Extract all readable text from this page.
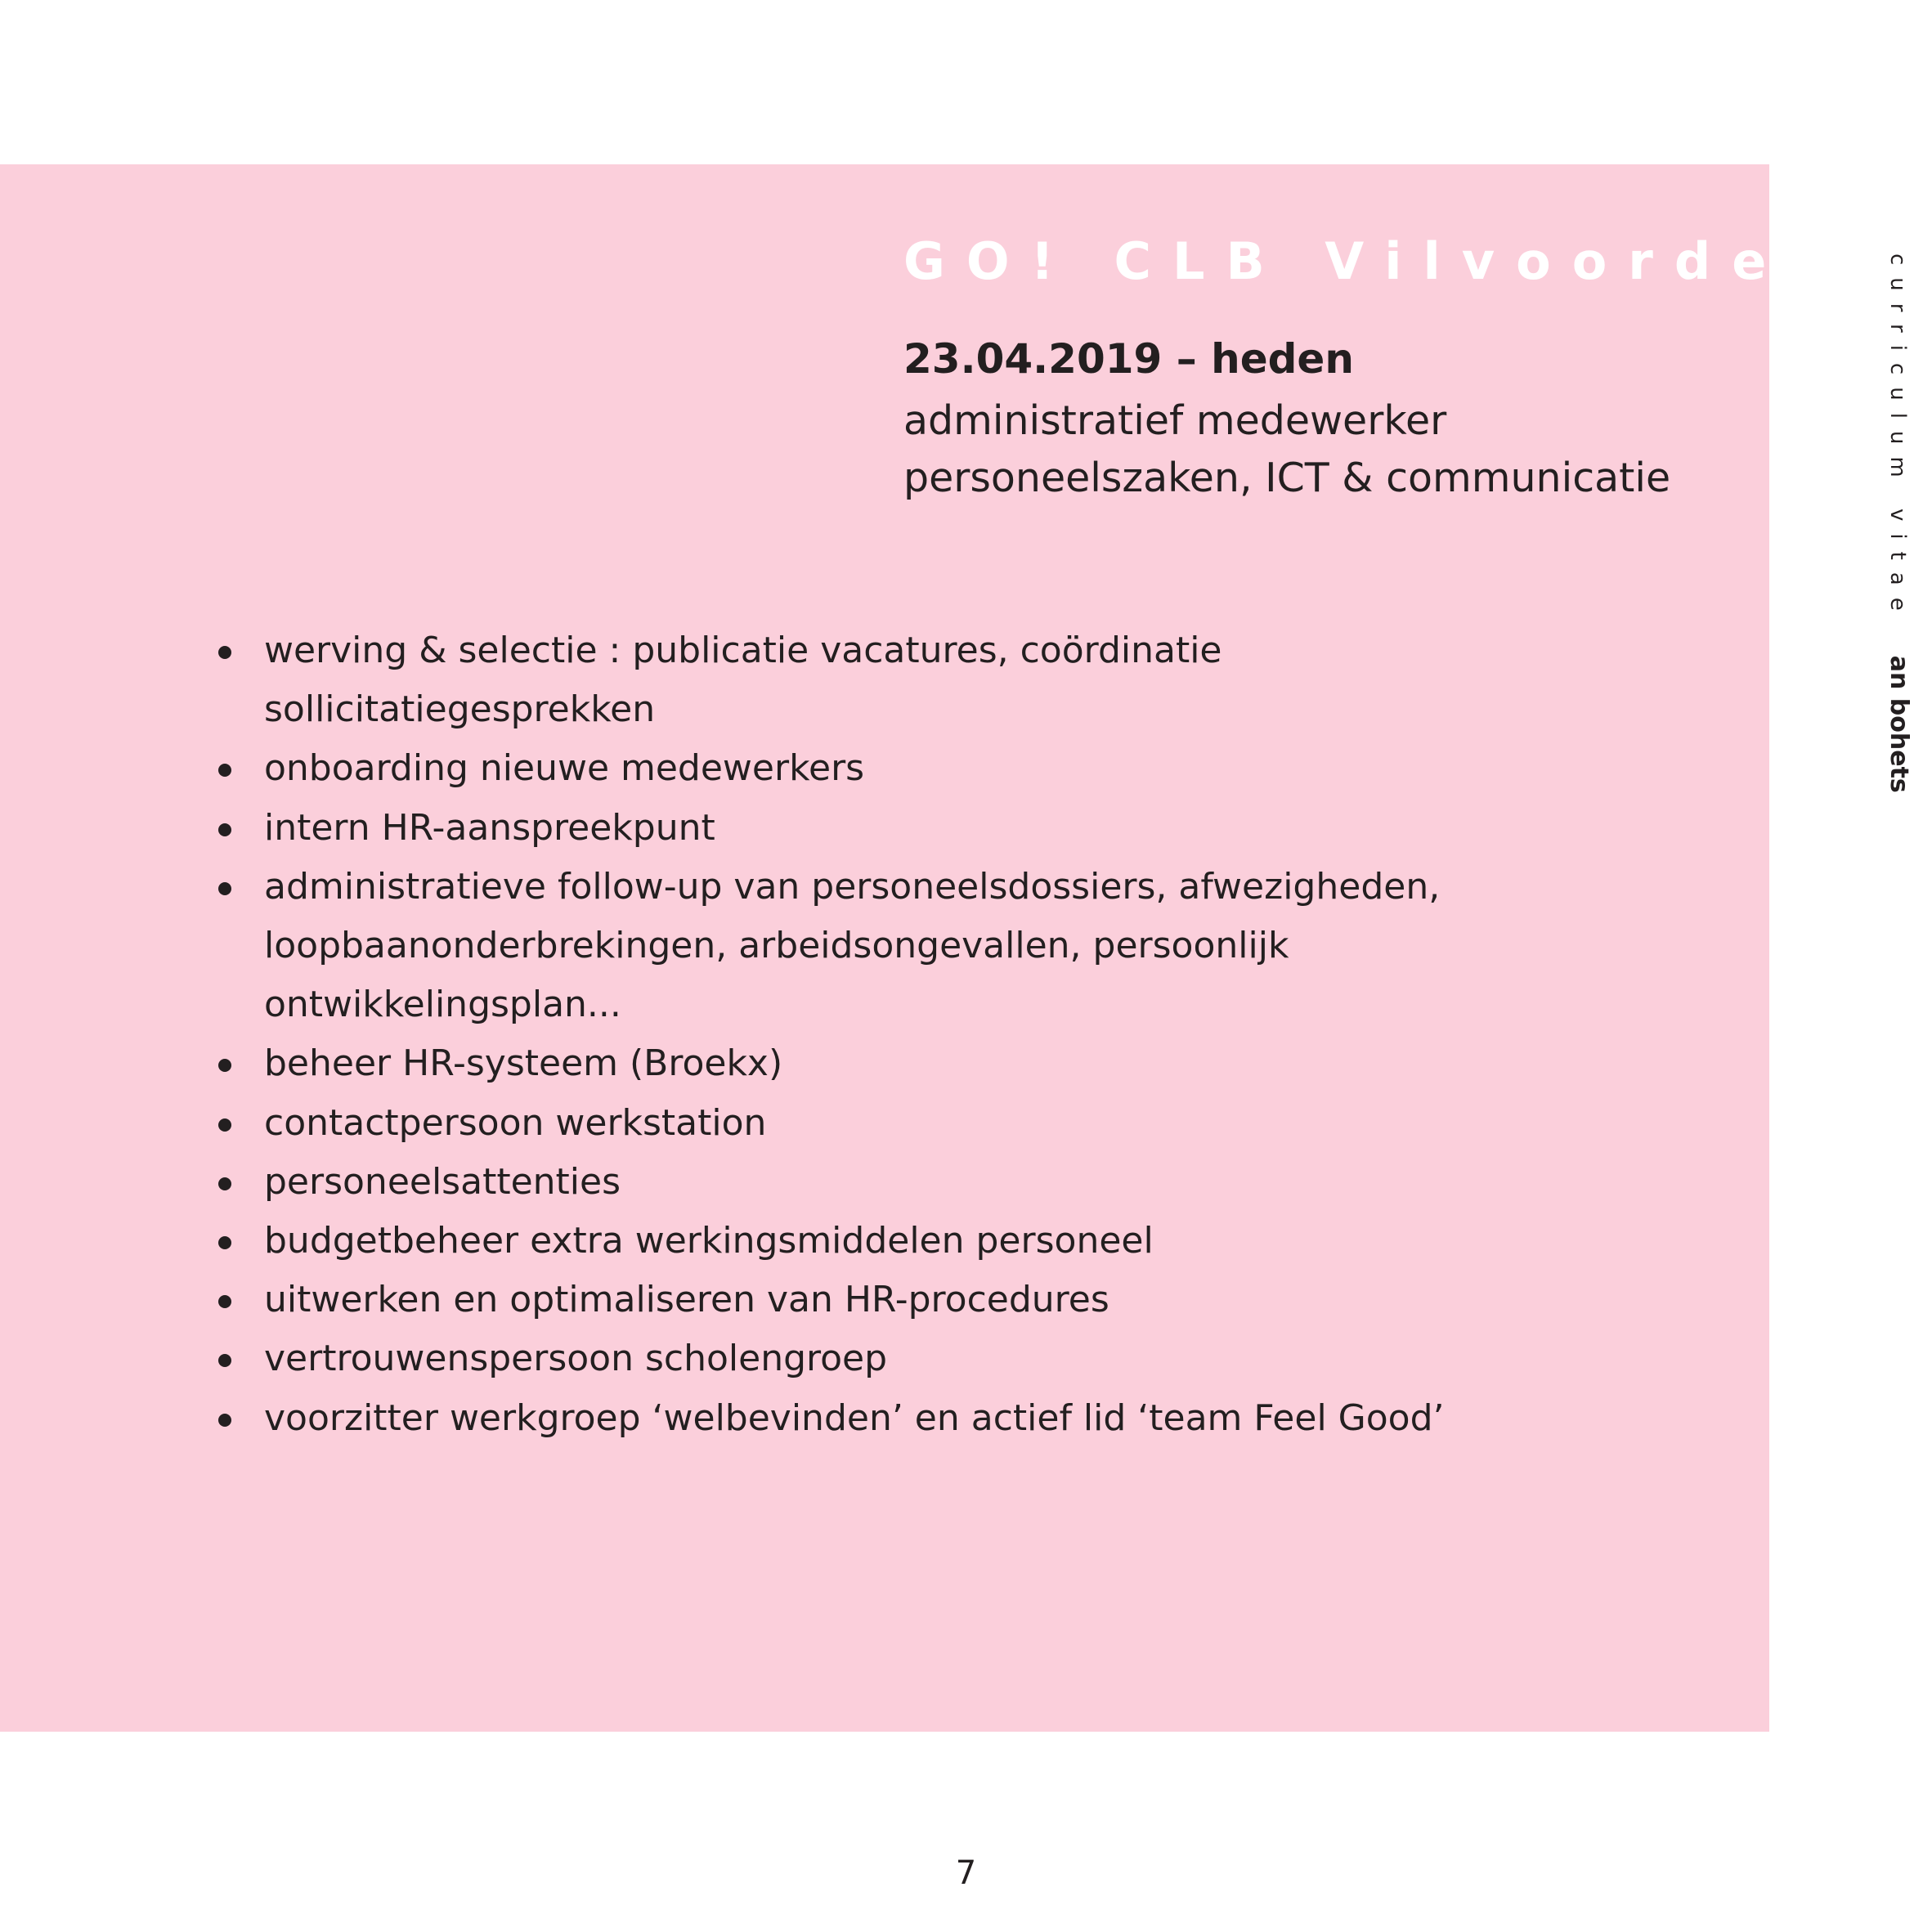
GO! CLB Vilvoorde
23.04.2019 – heden
administratief medewerker
personeelszaken, ICT & communicatie
werving & selectie : publicatie vacatures, coördinatie
sollicitatiegesprekken
onboarding nieuwe medewerkers
intern HR-aanspreekpunt
administratieve follow-up van personeelsdossiers, afwezigheden,
loopbaanonderbrekingen, arbeidsongevallen, persoonlijk
ontwikkelingsplan...
beheer HR-systeem (Broekx)
contactpersoon werkstation
personeelsattenties
budgetbeheer extra werkingsmiddelen personeel
uitwerken en optimaliseren van HR-procedures
vertrouwenspersoon scholengroep
voorzitter werkgroep ‘welbevinden’ en actief lid ‘team Feel Good’
curriculum vitaean bohets
7
